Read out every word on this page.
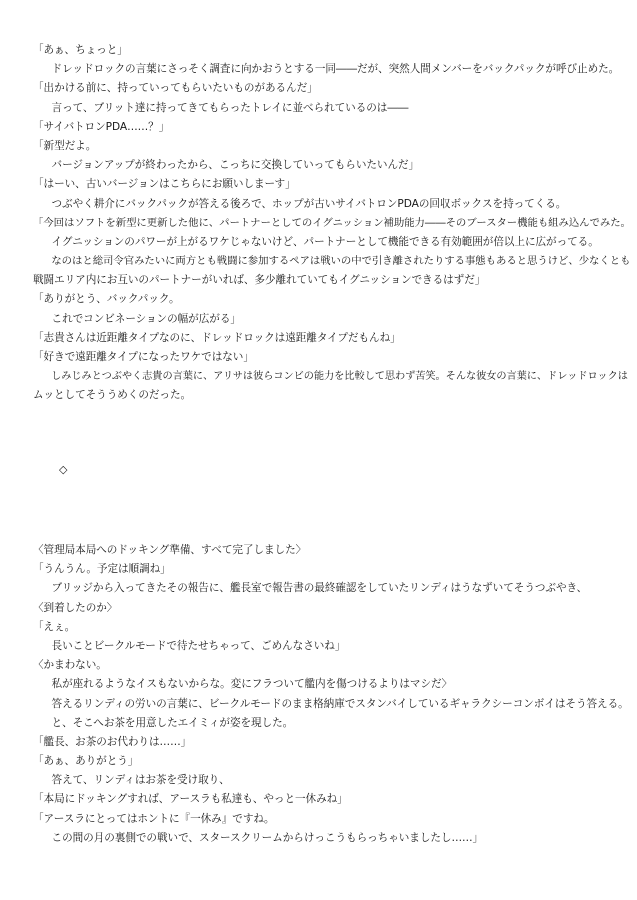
「あぁ、ちょっと」
　ドレッドロックの言葉にさっそく調査に向かおうとする一同――だが、突然人間メンバーをバックパックが呼び止めた。
「出かける前に、持っていってもらいたいものがあるんだ」
　言って、ブリット達に持ってきてもらったトレイに並べられているのは――
「サイバトロンPDA……？」
「新型だよ。
　バージョンアップが終わったから、こっちに交換していってもらいたいんだ」
「はーい、古いバージョンはこちらにお願いしまーす」
　つぶやく耕介にバックパックが答える後ろで、ホップが古いサイバトロンPDAの回収ボックスを持ってくる。
「今回はソフトを新型に更新した他に、パートナーとしてのイグニッション補助能力――そのブースター機能も組み込んでみた。
　イグニッションのパワーが上がるワケじゃないけど、パートナーとして機能できる有効範囲が倍以上に広がってる。
　なのはと総司令官みたいに両方とも戦闘に参加するペアは戦いの中で引き離されたりする事態もあると思うけど、少なくとも
戦闘エリア内にお互いのパートナーがいれば、多少離れていてもイグニッションできるはずだ」
「ありがとう、バックパック。
　これでコンビネーションの幅が広がる」
「志貴さんは近距離タイプなのに、ドレッドロックは遠距離タイプだもんね」
「好きで遠距離タイプになったワケではない」
　しみじみとつぶやく志貴の言葉に、アリサは彼らコンビの能力を比較して思わず苦笑。そんな彼女の言葉に、ドレッドロックは
ムッとしてそううめくのだった。
◇
〈管理局本局へのドッキング準備、すべて完了しました〉
「うんうん。予定は順調ね」
　ブリッジから入ってきたその報告に、艦長室で報告書の最終確認をしていたリンディはうなずいてそうつぶやき、
〈到着したのか〉
「えぇ。
　長いことビークルモードで待たせちゃって、ごめんなさいね」
〈かまわない。
　私が座れるようなイスもないからな。変にフラついて艦内を傷つけるよりはマシだ〉
　答えるリンディの労いの言葉に、ビークルモードのまま格納庫でスタンバイしているギャラクシーコンボイはそう答える。
　と、そこへお茶を用意したエイミィが姿を現した。
「艦長、お茶のお代わりは……」
「あぁ、ありがとう」
　答えて、リンディはお茶を受け取り、
「本局にドッキングすれば、アースラも私達も、やっと一休みね」
「アースラにとってはホントに『一休み』ですね。
　この間の月の裏側での戦いで、スタースクリームからけっこうもらっちゃいましたし……」
